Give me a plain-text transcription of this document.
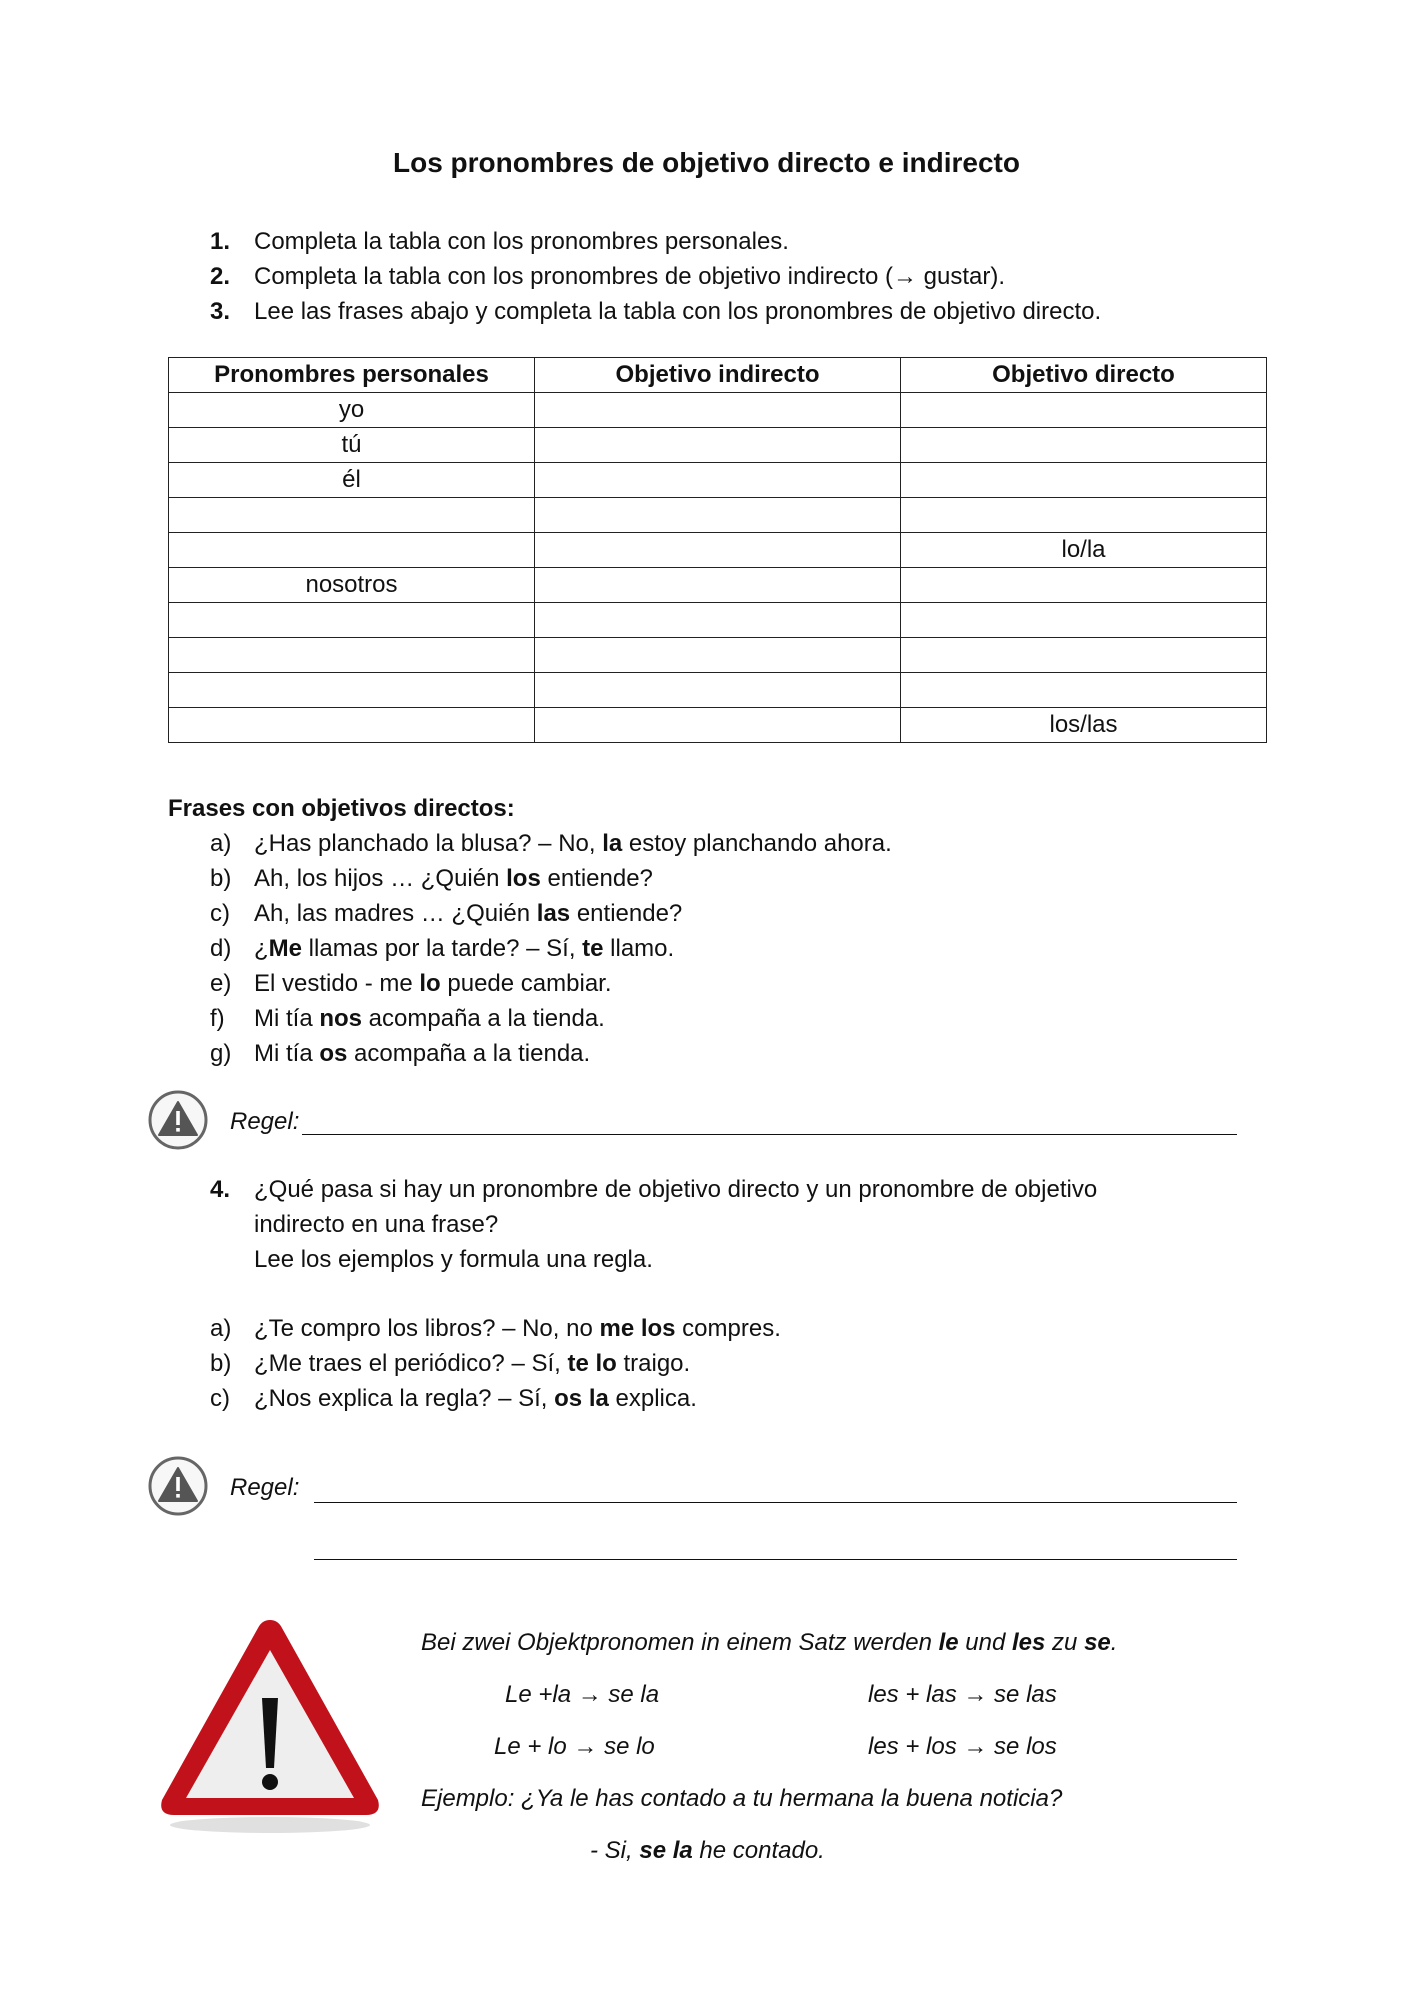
Los pronombres de objetivo directo e indirecto
1. Completa la tabla con los pronombres personales.
2. Completa la tabla con los pronombres de objetivo indirecto (→ gustar).
3. Lee las frases abajo y completa la tabla con los pronombres de objetivo directo.
Pronombres personales	Objetivo indirecto	Objetivo directo
yo		
tú		
él		

		lo/la
nosotros		

		los/las
Frases con objetivos directos:
a) ¿Has planchado la blusa? – No, la estoy planchando ahora.
b) Ah, los hijos … ¿Quién los entiende?
c) Ah, las madres … ¿Quién las entiende?
d) ¿Me llamas por la tarde? – Sí, te llamo.
e) El vestido - me lo puede cambiar.
f) Mi tía nos acompaña a la tienda.
g) Mi tía os acompaña a la tienda.
Regel:
4. ¿Qué pasa si hay un pronombre de objetivo directo y un pronombre de objetivo
indirecto en una frase?
Lee los ejemplos y formula una regla.
a) ¿Te compro los libros? – No, no me los compres.
b) ¿Me traes el periódico? – Sí, te lo traigo.
c) ¿Nos explica la regla? – Sí, os la explica.
Regel:
Bei zwei Objektpronomen in einem Satz werden le und les zu se.
Le +la → se la	les + las → se las
Le + lo → se lo	les + los → se los
Ejemplo: ¿Ya le has contado a tu hermana la buena noticia?
- Si, se la he contado.
